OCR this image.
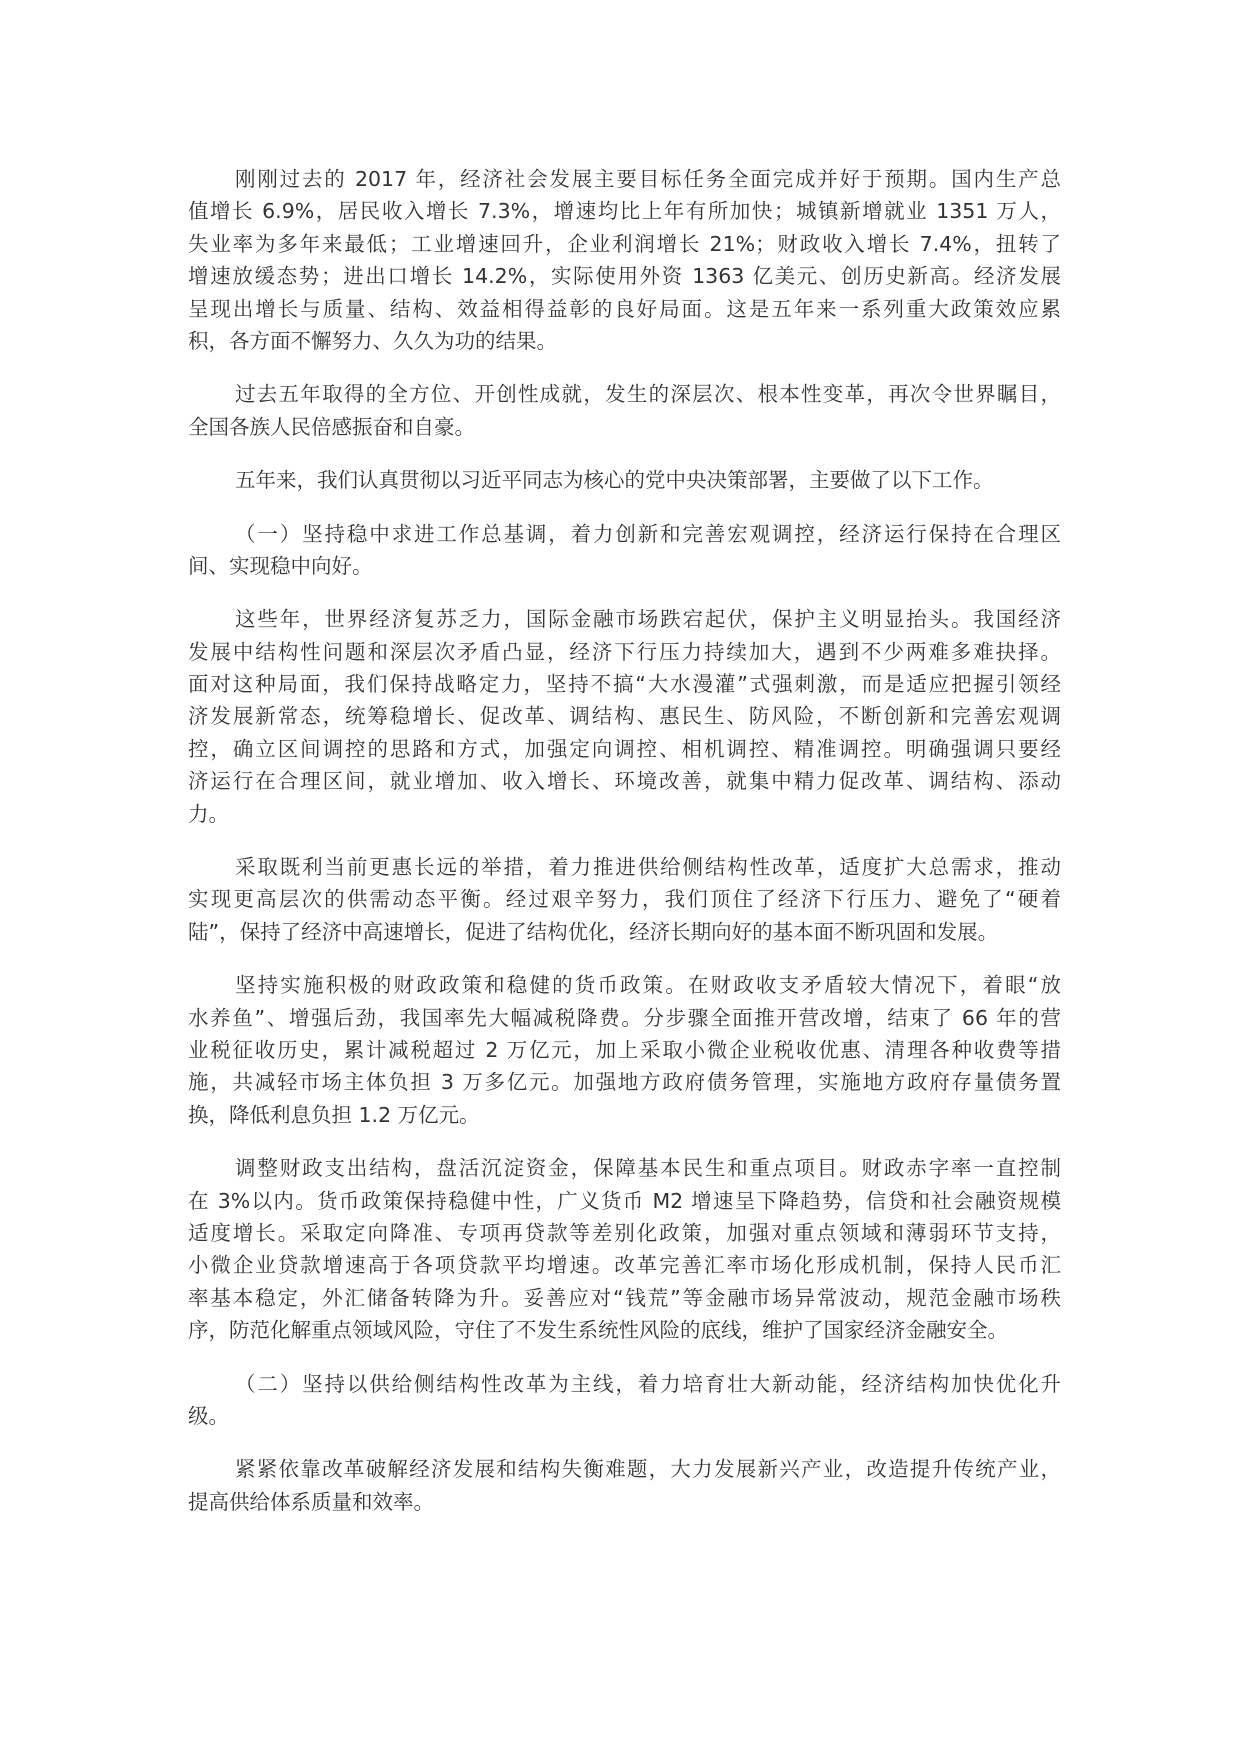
刚刚过去的 2017 年，经济社会发展主要目标任务全面完成并好于预期。国内生产总
值增长 6.9%，居民收入增长 7.3%，增速均比上年有所加快；城镇新增就业 1351 万人，
失业率为多年来最低；工业增速回升，企业利润增长 21%；财政收入增长 7.4%，扭转了
增速放缓态势；进出口增长 14.2%，实际使用外资 1363 亿美元、创历史新高。经济发展
呈现出增长与质量、结构、效益相得益彰的良好局面。这是五年来一系列重大政策效应累
积，各方面不懈努力、久久为功的结果。
过去五年取得的全方位、开创性成就，发生的深层次、根本性变革，再次令世界瞩目，
全国各族人民倍感振奋和自豪。
五年来，我们认真贯彻以习近平同志为核心的党中央决策部署，主要做了以下工作。
（一）坚持稳中求进工作总基调，着力创新和完善宏观调控，经济运行保持在合理区
间、实现稳中向好。
这些年，世界经济复苏乏力，国际金融市场跌宕起伏，保护主义明显抬头。我国经济
发展中结构性问题和深层次矛盾凸显，经济下行压力持续加大，遇到不少两难多难抉择。
面对这种局面，我们保持战略定力，坚持不搞“大水漫灌”式强刺激，而是适应把握引领经
济发展新常态，统筹稳增长、促改革、调结构、惠民生、防风险，不断创新和完善宏观调
控，确立区间调控的思路和方式，加强定向调控、相机调控、精准调控。明确强调只要经
济运行在合理区间，就业增加、收入增长、环境改善，就集中精力促改革、调结构、添动
力。
采取既利当前更惠长远的举措，着力推进供给侧结构性改革，适度扩大总需求，推动
实现更高层次的供需动态平衡。经过艰辛努力，我们顶住了经济下行压力、避免了“硬着
陆”，保持了经济中高速增长，促进了结构优化，经济长期向好的基本面不断巩固和发展。
坚持实施积极的财政政策和稳健的货币政策。在财政收支矛盾较大情况下，着眼“放
水养鱼”、增强后劲，我国率先大幅减税降费。分步骤全面推开营改增，结束了 66 年的营
业税征收历史，累计减税超过 2 万亿元，加上采取小微企业税收优惠、清理各种收费等措
施，共减轻市场主体负担 3 万多亿元。加强地方政府债务管理，实施地方政府存量债务置
换，降低利息负担 1.2 万亿元。
调整财政支出结构，盘活沉淀资金，保障基本民生和重点项目。财政赤字率一直控制
在 3%以内。货币政策保持稳健中性，广义货币 M2 增速呈下降趋势，信贷和社会融资规模
适度增长。采取定向降准、专项再贷款等差别化政策，加强对重点领域和薄弱环节支持，
小微企业贷款增速高于各项贷款平均增速。改革完善汇率市场化形成机制，保持人民币汇
率基本稳定，外汇储备转降为升。妥善应对“钱荒”等金融市场异常波动，规范金融市场秩
序，防范化解重点领域风险，守住了不发生系统性风险的底线，维护了国家经济金融安全。
（二）坚持以供给侧结构性改革为主线，着力培育壮大新动能，经济结构加快优化升
级。
紧紧依靠改革破解经济发展和结构失衡难题，大力发展新兴产业，改造提升传统产业，
提高供给体系质量和效率。
